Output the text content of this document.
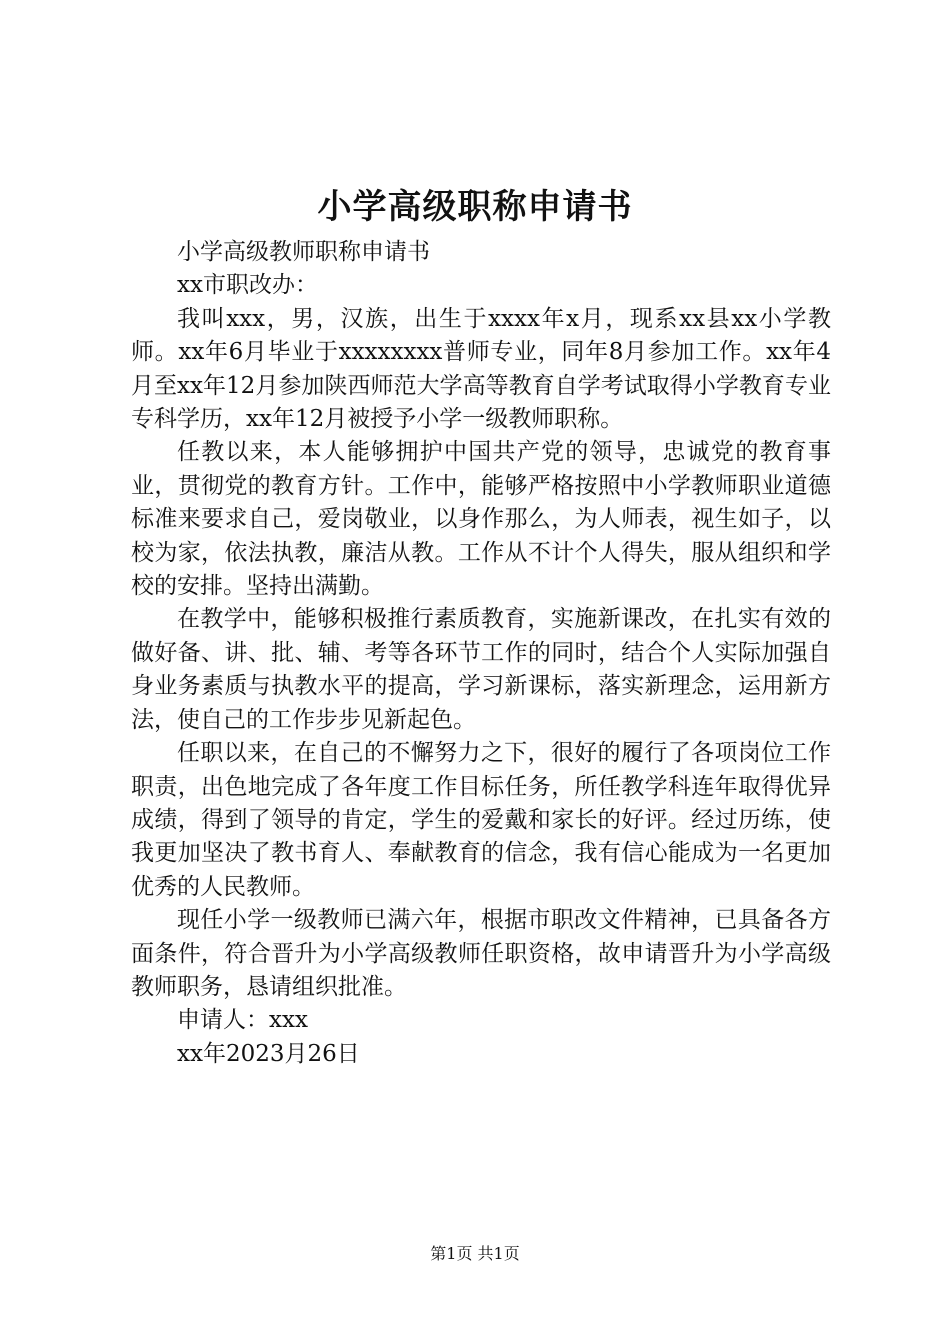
小学高级职称申请书

小学高级教师职称申请书

xx市职改办：

我叫xxx，男，汉族，出生于xxxx年x月，现系xx县xx小学教师。xx年6月毕业于xxxxxxxx普师专业，同年8月参加工作。xx年4月至xx年12月参加陕西师范大学高等教育自学考试取得小学教育专业专科学历，xx年12月被授予小学一级教师职称。

任教以来，本人能够拥护中国共产党的领导，忠诚党的教育事业，贯彻党的教育方针。工作中，能够严格按照中小学教师职业道德标准来要求自己，爱岗敬业，以身作那么，为人师表，视生如子，以校为家，依法执教，廉洁从教。工作从不计个人得失，服从组织和学校的安排。坚持出满勤。

在教学中，能够积极推行素质教育，实施新课改，在扎实有效的做好备、讲、批、辅、考等各环节工作的同时，结合个人实际加强自身业务素质与执教水平的提高，学习新课标，落实新理念，运用新方法，使自己的工作步步见新起色。

任职以来，在自己的不懈努力之下，很好的履行了各项岗位工作职责，出色地完成了各年度工作目标任务，所任教学科连年取得优异成绩，得到了领导的肯定，学生的爱戴和家长的好评。经过历练，使我更加坚决了教书育人、奉献教育的信念，我有信心能成为一名更加优秀的人民教师。

现任小学一级教师已满六年，根据市职改文件精神，已具备各方面条件，符合晋升为小学高级教师任职资格，故申请晋升为小学高级教师职务，恳请组织批准。

申请人：xxx

xx年2023月26日

第1页 共1页
